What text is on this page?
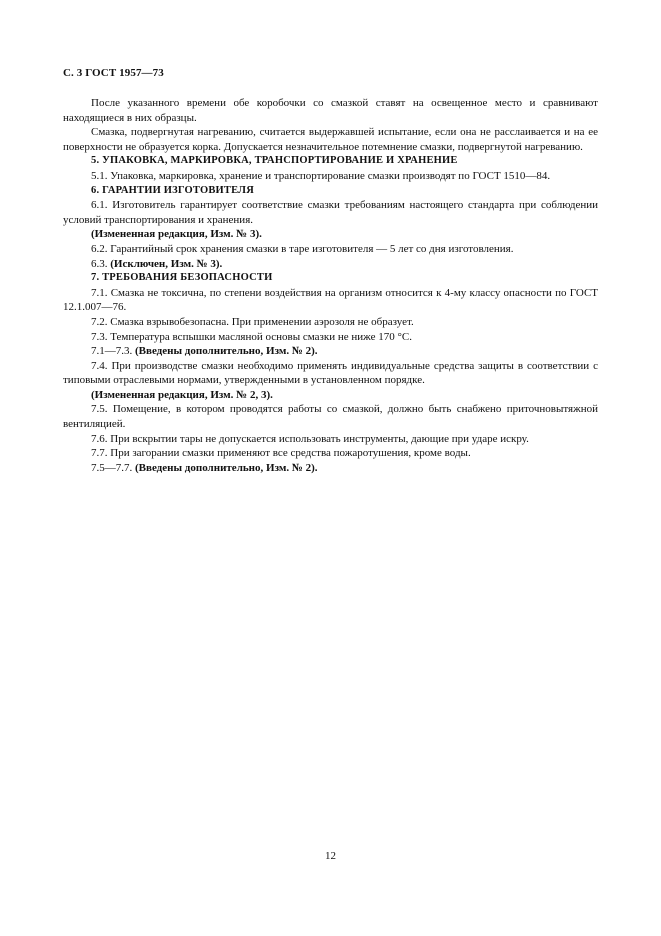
С. 3 ГОСТ 1957—73

После указанного времени обе коробочки со смазкой ставят на освещенное место и сравнивают находящиеся в них образцы.

Смазка, подвергнутая нагреванию, считается выдержавшей испытание, если она не расслаивается и на ее поверхности не образуется корка. Допускается незначительное потемнение смазки, подвергнутой нагреванию.

5. УПАКОВКА, МАРКИРОВКА, ТРАНСПОРТИРОВАНИЕ И ХРАНЕНИЕ

5.1. Упаковка, маркировка, хранение и транспортирование смазки производят по ГОСТ 1510—84.

6. ГАРАНТИИ ИЗГОТОВИТЕЛЯ

6.1. Изготовитель гарантирует соответствие смазки требованиям настоящего стандарта при соблюдении условий транспортирования и хранения.

(Измененная редакция, Изм. № 3).

6.2. Гарантийный срок хранения смазки в таре изготовителя — 5 лет со дня изготовления.

6.3. (Исключен, Изм. № 3).

7. ТРЕБОВАНИЯ БЕЗОПАСНОСТИ

7.1. Смазка не токсична, по степени воздействия на организм относится к 4-му классу опасности по ГОСТ 12.1.007—76.

7.2. Смазка взрывобезопасна. При применении аэрозоля не образует.

7.3. Температура вспышки масляной основы смазки не ниже 170 °С.

7.1—7.3. (Введены дополнительно, Изм. № 2).

7.4. При производстве смазки необходимо применять индивидуальные средства защиты в соответствии с типовыми отраслевыми нормами, утвержденными в установленном порядке.

(Измененная редакция, Изм. № 2, 3).

7.5. Помещение, в котором проводятся работы со смазкой, должно быть снабжено приточновытяжной вентиляцией.

7.6. При вскрытии тары не допускается использовать инструменты, дающие при ударе искру.

7.7. При загорании смазки применяют все средства пожаротушения, кроме воды.

7.5—7.7. (Введены дополнительно, Изм. № 2).

12
